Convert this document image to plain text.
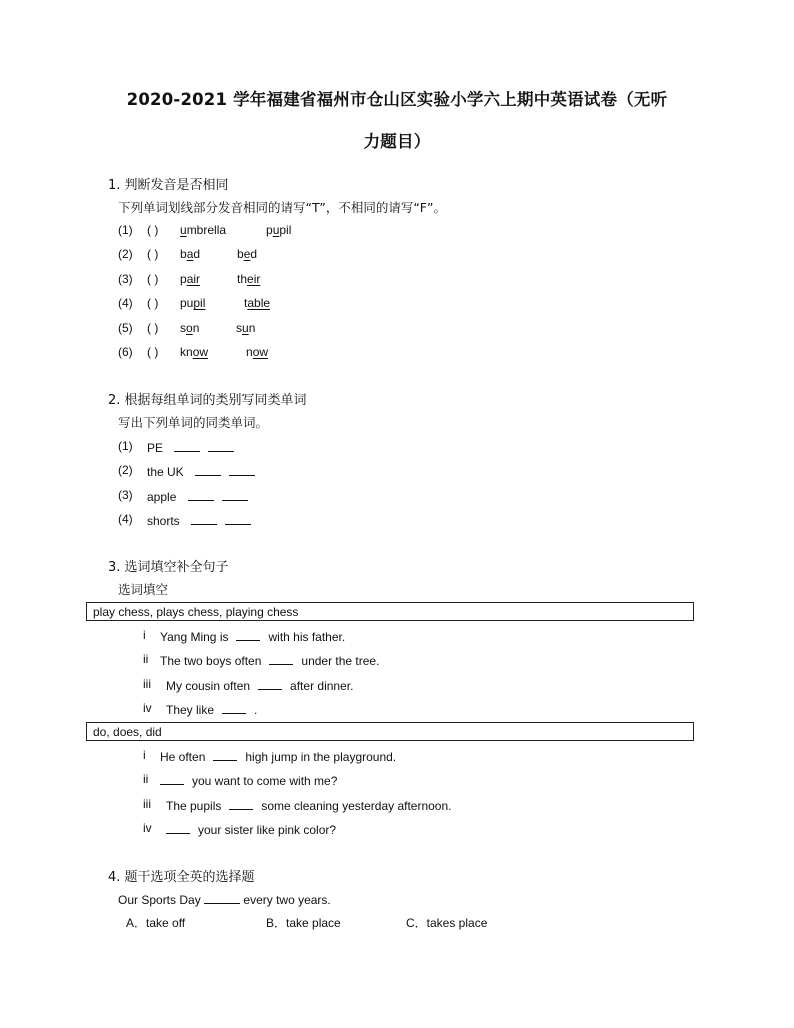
2020-2021 学年福建省福州市仓山区实验小学六上期中英语试卷（无听
力题目）
1. 判断发音是否相同
下列单词划线部分发音相同的请写“T”，不相同的请写“F”。
(1) ( ) umbrella	pupil
(2) ( ) bad	bed
(3) ( ) pair	their
(4) ( ) pupil	table
(5) ( ) son	sun
(6) ( ) know	now
2. 根据每组单词的类别写同类单词
写出下列单词的同类单词。
(1) PE
(2) the UK
(3) apple
(4) shorts
3. 选词填空补全句子
选词填空
play chess, plays chess, playing chess
i Yang Ming is	with his father.
ii The two boys often	under the tree.
iii My cousin often	after dinner.
iv They like	.
do, does, did
i He often	high jump in the playground.
ii	you want to come with me?
iii The pupils	some cleaning yesterday afternoon.
iv	your sister like pink color?
4. 题干选项全英的选择题
Our Sports Day	every two years.
A．take off	B．take place	C．takes place
